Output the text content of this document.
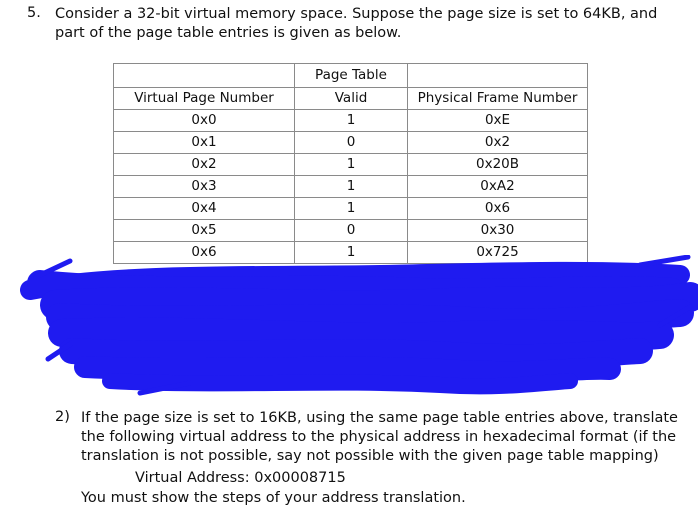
5. Consider a 32-bit virtual memory space. Suppose the page size is set to 64KB, and part of the page table entries is given as below.
	Page Table	
Virtual Page Number	Valid	Physical Frame Number
0x0	1	0xE
0x1	0	0x2
0x2	1	0x20B
0x3	1	0xA2
0x4	1	0x6
0x5	0	0x30
0x6	1	0x725
2) If the page size is set to 16KB, using the same page table entries above, translate the following virtual address to the physical address in hexadecimal format (if the translation is not possible, say not possible with the given page table mapping)
Virtual Address: 0x00008715
You must show the steps of your address translation.
